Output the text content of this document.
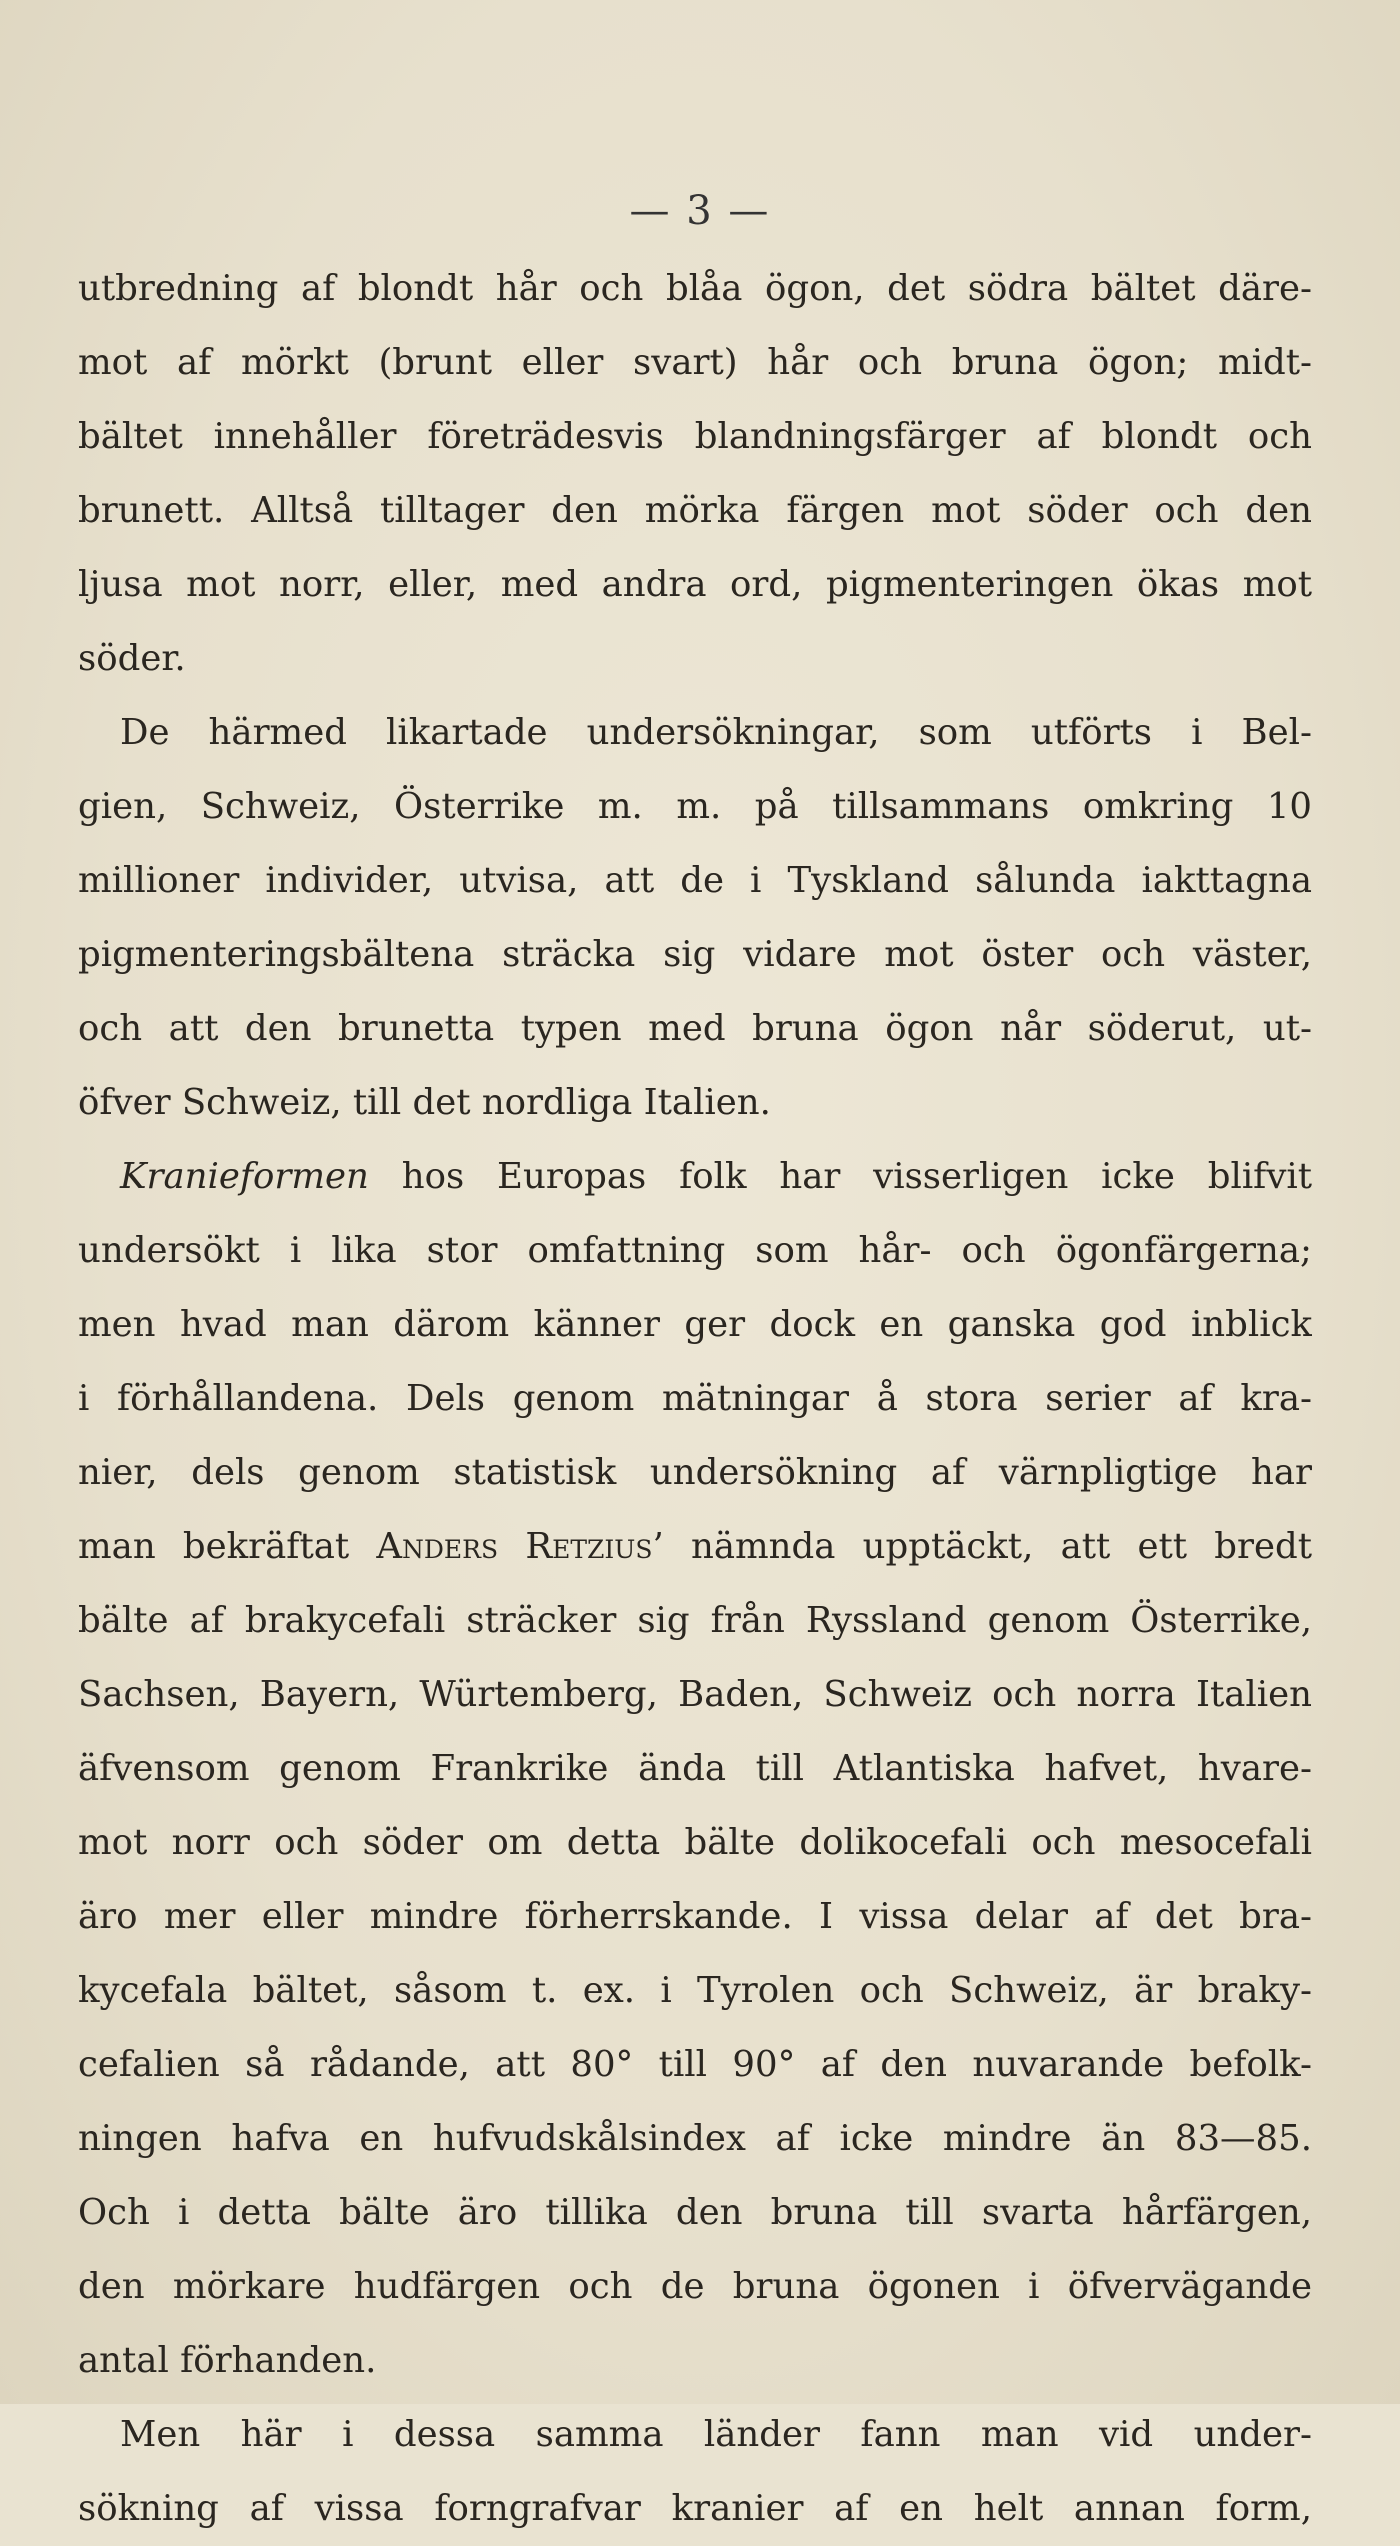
— 3 —
utbredning af blondt hår och blåa ögon, det södra bältet däre-
mot af mörkt (brunt eller svart) hår och bruna ögon; midt-
bältet innehåller företrädesvis blandningsfärger af blondt och
brunett. Alltså tilltager den mörka färgen mot söder och den
ljusa mot norr, eller, med andra ord, pigmenteringen ökas mot
söder.
De härmed likartade undersökningar, som utförts i Bel-
gien, Schweiz, Österrike m. m. på tillsammans omkring 10
millioner individer, utvisa, att de i Tyskland sålunda iakttagna
pigmenteringsbältena sträcka sig vidare mot öster och väster,
och att den brunetta typen med bruna ögon når söderut, ut-
öfver Schweiz, till det nordliga Italien.
Kranieformen hos Europas folk har visserligen icke blifvit
undersökt i lika stor omfattning som hår- och ögonfärgerna;
men hvad man därom känner ger dock en ganska god inblick
i förhållandena. Dels genom mätningar å stora serier af kra-
nier, dels genom statistisk undersökning af värnpligtige har
man bekräftat Anders Retzius’ nämnda upptäckt, att ett bredt
bälte af brakycefali sträcker sig från Ryssland genom Österrike,
Sachsen, Bayern, Würtemberg, Baden, Schweiz och norra Italien
äfvensom genom Frankrike ända till Atlantiska hafvet, hvare-
mot norr och söder om detta bälte dolikocefali och mesocefali
äro mer eller mindre förherrskande. I vissa delar af det bra-
kycefala bältet, såsom t. ex. i Tyrolen och Schweiz, är braky-
cefalien så rådande, att 80° till 90° af den nuvarande befolk-
ningen hafva en hufvudskålsindex af icke mindre än 83—85.
Och i detta bälte äro tillika den bruna till svarta hårfärgen,
den mörkare hudfärgen och de bruna ögonen i öfvervägande
antal förhanden.
Men här i dessa samma länder fann man vid under-
sökning af vissa forngrafvar kranier af en helt annan form,
